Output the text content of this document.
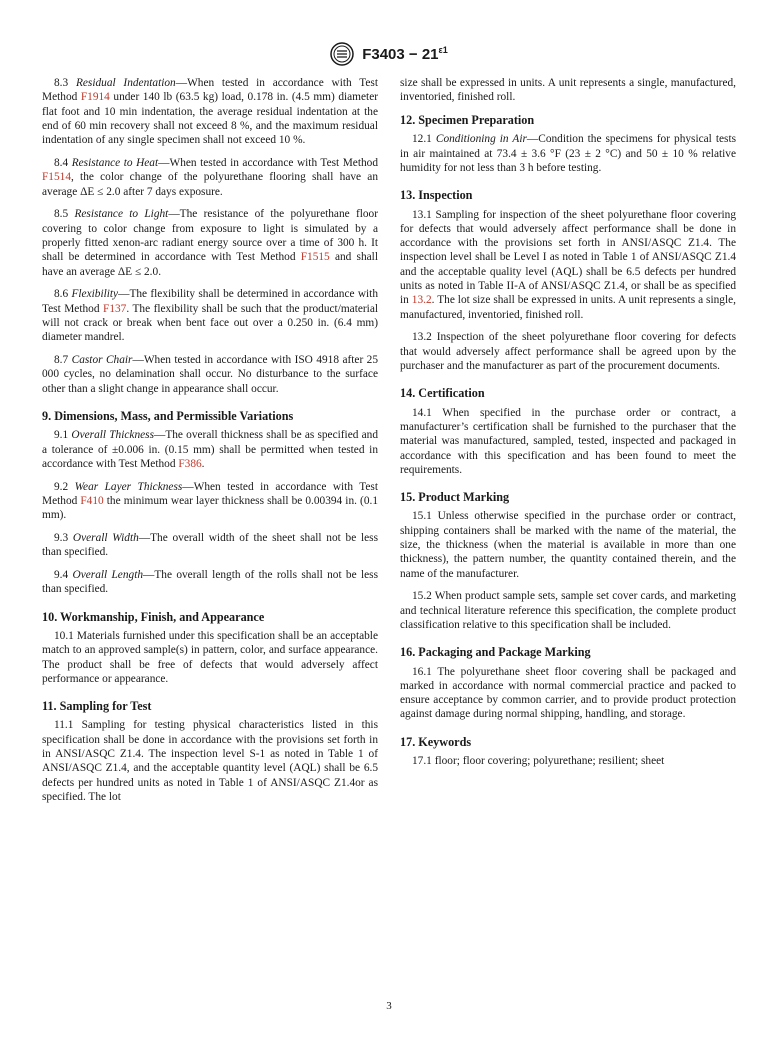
$F3403 - 21^{\varepsilon 1}$

8.3 Residual Indentation—When tested in accordance with Test Method F1914 under 140 lb (63.5 kg) load, 0.178 in. (4.5 mm) diameter flat foot and 10 min indentation, the average residual indentation at the end of 60 min recovery shall not exceed 8 %, and the maximum residual indentation of any single specimen shall not exceed 10 %.

8.4 Resistance to Heat—When tested in accordance with Test Method F1514, the color change of the polyurethane flooring shall have an average ΔE ≤ 2.0 after 7 days exposure.

8.5 Resistance to Light—The resistance of the polyurethane floor covering to color change from exposure to light is simulated by a properly fitted xenon-arc radiant energy source over a time of 300 h. It shall be determined in accordance with Test Method F1515 and shall have an average ΔE ≤ 2.0.

8.6 Flexibility—The flexibility shall be determined in accordance with Test Method F137. The flexibility shall be such that the product/material will not crack or break when bent face out over a 0.250 in. (6.4 mm) diameter mandrel.

8.7 Castor Chair—When tested in accordance with ISO 4918 after 25 000 cycles, no delamination shall occur. No disturbance to the surface other than a slight change in appearance shall occur.

9. Dimensions, Mass, and Permissible Variations

9.1 Overall Thickness—The overall thickness shall be as specified and a tolerance of ±0.006 in. (0.15 mm) shall be permitted when tested in accordance with Test Method F386.

9.2 Wear Layer Thickness—When tested in accordance with Test Method F410 the minimum wear layer thickness shall be 0.00394 in. (0.1 mm).

9.3 Overall Width—The overall width of the sheet shall not be less than specified.

9.4 Overall Length—The overall length of the rolls shall not be less than specified.

10. Workmanship, Finish, and Appearance

10.1 Materials furnished under this specification shall be an acceptable match to an approved sample(s) in pattern, color, and surface appearance. The product shall be free of defects that would adversely affect performance or appearance.

11. Sampling for Test

11.1 Sampling for testing physical characteristics listed in this specification shall be done in accordance with the provisions set forth in in ANSI/ASQC Z1.4. The inspection level S-1 as noted in Table 1 of ANSI/ASQC Z1.4, and the acceptable quantity level (AQL) shall be 6.5 defects per hundred units as noted in Table 1 of ANSI/ASQC Z1.4or as specified. The lot

size shall be expressed in units. A unit represents a single, manufactured, inventoried, finished roll.

12. Specimen Preparation

12.1 Conditioning in Air—Condition the specimens for physical tests in air maintained at 73.4 ± 3.6 °F (23 ± 2 °C) and 50 ± 10 % relative humidity for not less than 3 h before testing.

13. Inspection

13.1 Sampling for inspection of the sheet polyurethane floor covering for defects that would adversely affect performance shall be done in accordance with the provisions set forth in ANSI/ASQC Z1.4. The inspection level shall be Level I as noted in Table 1 of ANSI/ASQC Z1.4 and the acceptable quality level (AQL) shall be 6.5 defects per hundred units as noted in Table II-A of ANSI/ASQC Z1.4, or shall be as specified in 13.2. The lot size shall be expressed in units. A unit represents a single, manufactured, inventoried, finished roll.

13.2 Inspection of the sheet polyurethane floor covering for defects that would adversely affect performance shall be agreed upon by the purchaser and the manufacturer as part of the procurement documents.

14. Certification

14.1 When specified in the purchase order or contract, a manufacturer’s certification shall be furnished to the purchaser that the material was manufactured, sampled, tested, inspected and packaged in accordance with this specification and has been found to meet the requirements.

15. Product Marking

15.1 Unless otherwise specified in the purchase order or contract, shipping containers shall be marked with the name of the material, the size, the thickness (when the material is available in more than one thickness), the pattern number, the quantity contained therein, and the name of the manufacturer.

15.2 When product sample sets, sample set cover cards, and marketing and technical literature reference this specification, the complete product classification relative to this specification shall be included.

16. Packaging and Package Marking

16.1 The polyurethane sheet floor covering shall be packaged and marked in accordance with normal commercial practice and packed to ensure acceptance by common carrier, and to provide product protection against damage during normal shipping, handling, and storage.

17. Keywords

17.1 floor; floor covering; polyurethane; resilient; sheet

3
